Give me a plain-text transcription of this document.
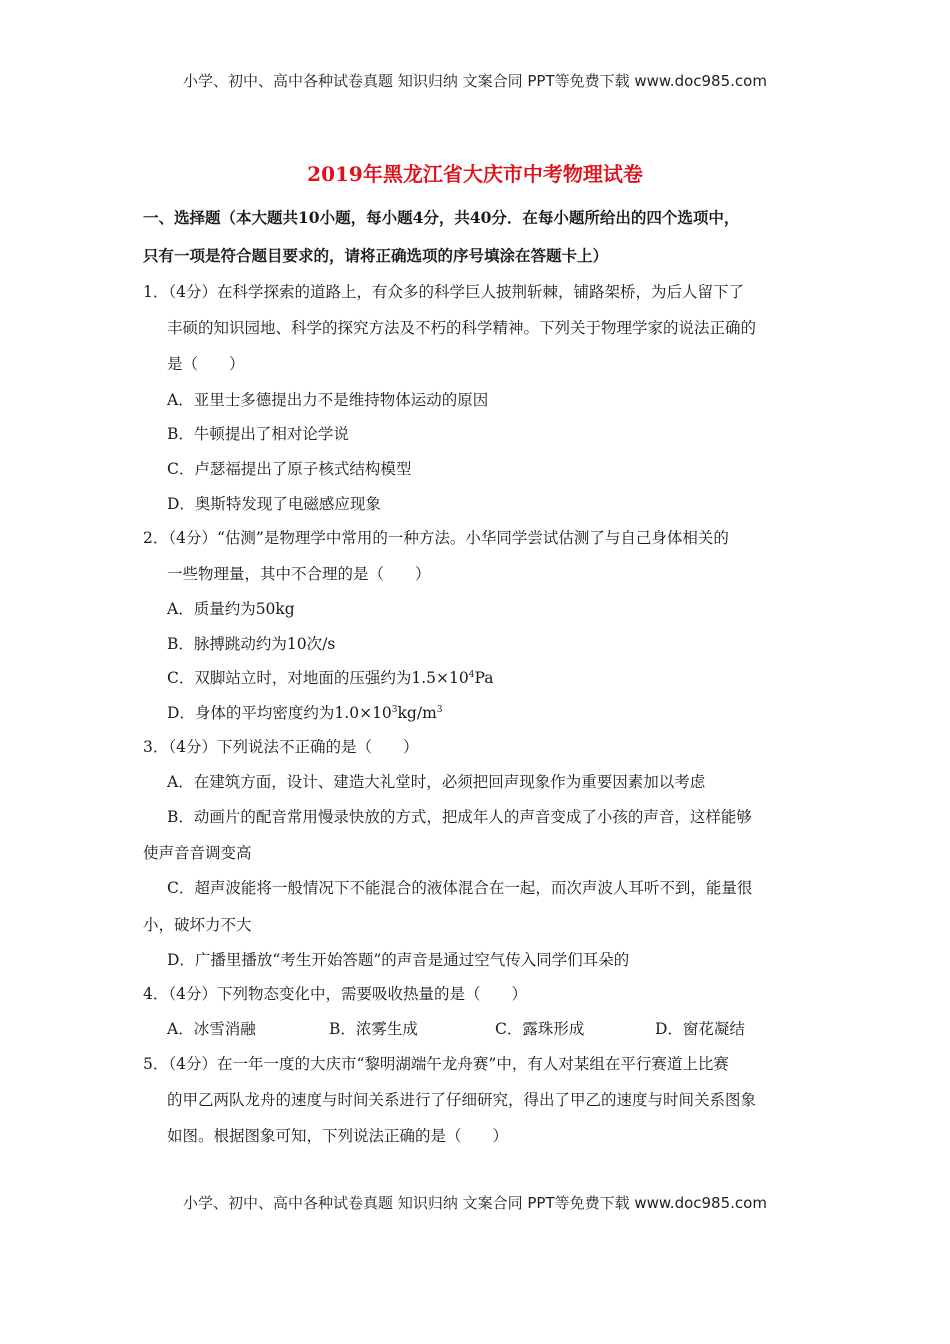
小学、初中、高中各种试卷真题 知识归纳 文案合同 PPT等免费下载 www.doc985.com
2019年黑龙江省大庆市中考物理试卷
一、选择题（本大题共10小题，每小题4分，共40分．在每小题所给出的四个选项中，
只有一项是符合题目要求的，请将正确选项的序号填涂在答题卡上）
1．（4分）在科学探索的道路上，有众多的科学巨人披荆斩棘，铺路架桥，为后人留下了
丰硕的知识园地、科学的探究方法及不朽的科学精神。下列关于物理学家的说法正确的
是（　　）
A．亚里士多德提出力不是维持物体运动的原因
B．牛顿提出了相对论学说
C．卢瑟福提出了原子核式结构模型
D．奥斯特发现了电磁感应现象
2．（4分）“估测”是物理学中常用的一种方法。小华同学尝试估测了与自己身体相关的
一些物理量，其中不合理的是（　　）
A．质量约为50kg
B．脉搏跳动约为10次/s
C．双脚站立时，对地面的压强约为$1.5\times 10^4Pa$
D．身体的平均密度约为$1.0\times 10^3kg/m^3$
3．（4分）下列说法不正确的是（　　）
A．在建筑方面，设计、建造大礼堂时，必须把回声现象作为重要因素加以考虑
B．动画片的配音常用慢录快放的方式，把成年人的声音变成了小孩的声音，这样能够
使声音音调变高
C．超声波能将一般情况下不能混合的液体混合在一起，而次声波人耳听不到，能量很
小，破坏力不大
D．广播里播放“考生开始答题”的声音是通过空气传入同学们耳朵的
4．（4分）下列物态变化中，需要吸收热量的是（　　）
A．冰雪消融	B．浓雾生成	C．露珠形成	D．窗花凝结
5．（4分）在一年一度的大庆市“黎明湖端午龙舟赛”中，有人对某组在平行赛道上比赛
的甲乙两队龙舟的速度与时间关系进行了仔细研究，得出了甲乙的速度与时间关系图象
如图。根据图象可知，下列说法正确的是（　　）
小学、初中、高中各种试卷真题 知识归纳 文案合同 PPT等免费下载 www.doc985.com
